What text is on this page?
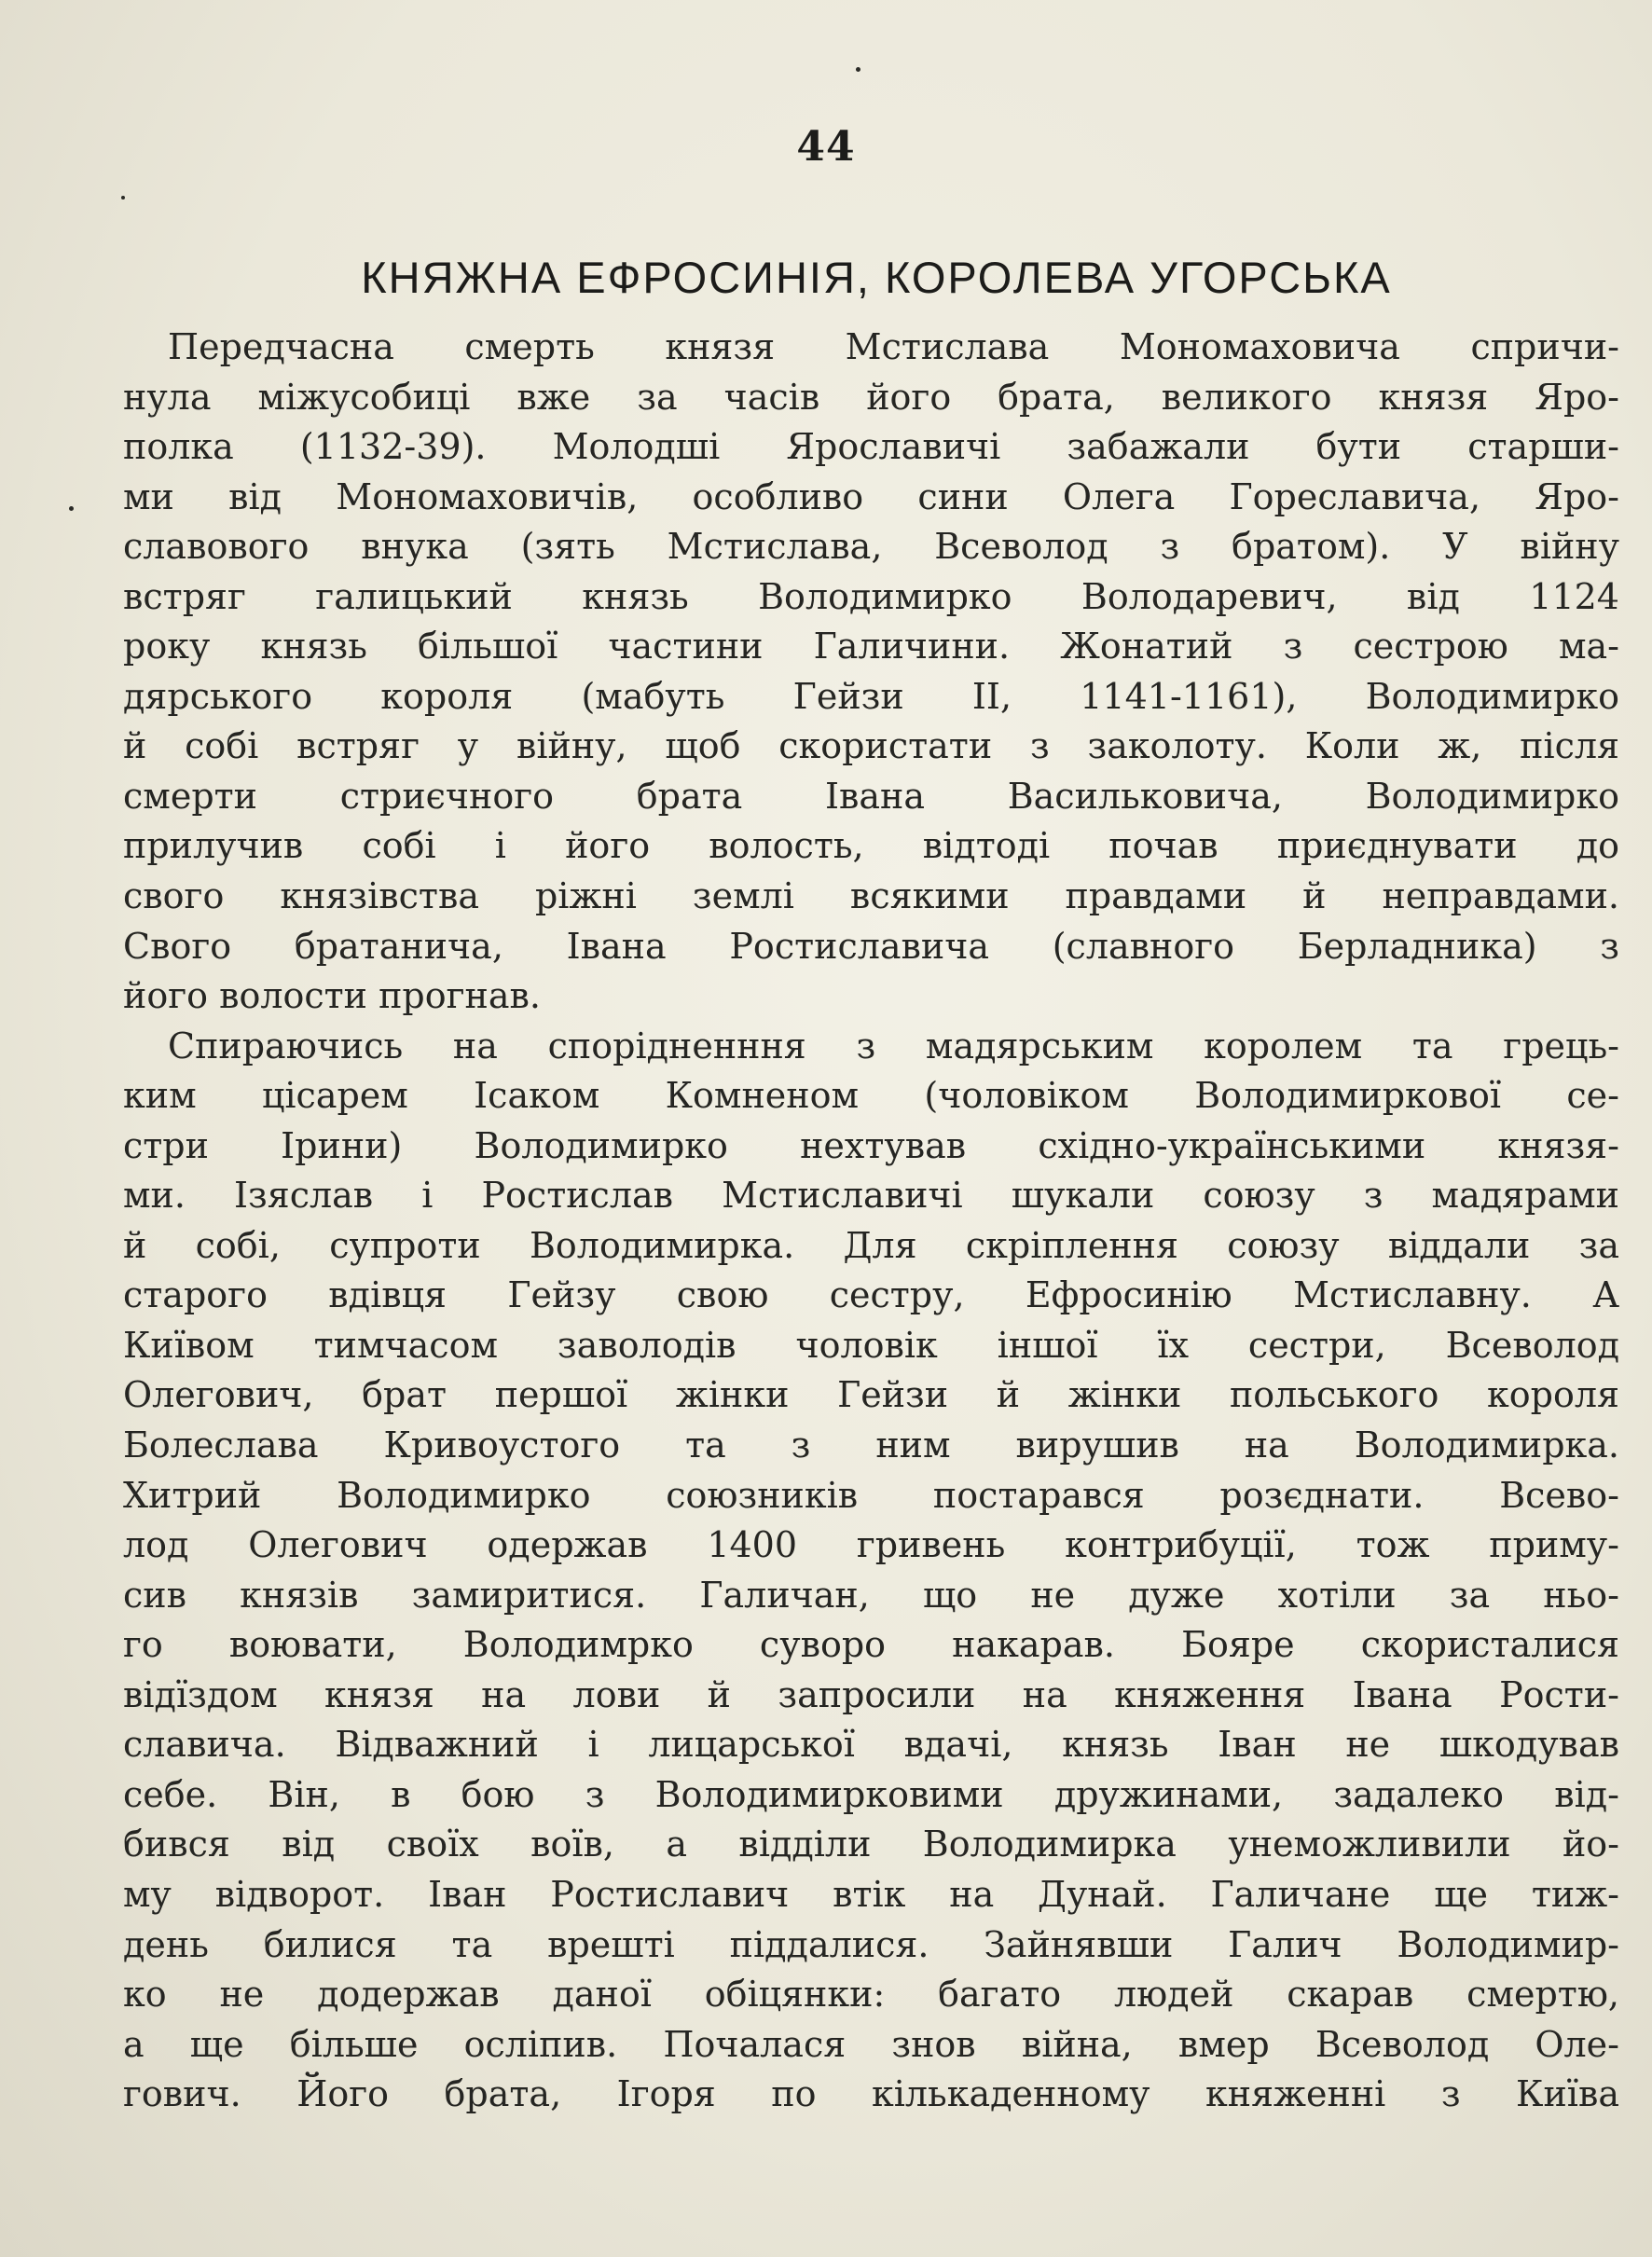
44
КНЯЖНА ЕФРОСИНІЯ, КОРОЛЕВА УГОРСЬКА
Передчасна смерть князя Мстислава Мономаховича спричи-
нула міжусобиці вже за часів його брата, великого князя Яро-
полка (1132-39). Молодші Ярославичі забажали бути старши-
ми від Мономаховичів, особливо сини Олега Гореславича, Яро-
славового внука (зять Мстислава, Всеволод з братом). У війну
встряг галицький князь Володимирко Володаревич, від 1124
року князь більшої частини Галичини. Жонатий з сестрою ма-
дярського короля (мабуть Гейзи ІІ, 1141-1161), Володимирко
й собі встряг у війну, щоб скористати з заколоту. Коли ж, після
смерти стриєчного брата Івана Васильковича, Володимирко
прилучив собі і його волость, відтоді почав приєднувати до
свого князівства ріжні землі всякими правдами й неправдами.
Свого братанича, Івана Ростиславича (славного Берладника) з
його волости прогнав.
Спираючись на спорідненння з мадярським королем та грець-
ким цісарем Ісаком Комненом (чоловіком Володимиркової се-
стри Ірини) Володимирко нехтував східно-українськими князя-
ми. Ізяслав і Ростислав Мстиславичі шукали союзу з мадярами
й собі, супроти Володимирка. Для скріплення союзу віддали за
старого вдівця Гейзу свою сестру, Ефросинію Мстиславну. А
Київом тимчасом заволодів чоловік іншої їх сестри, Всеволод
Олегович, брат першої жінки Гейзи й жінки польського короля
Болеслава Кривоустого та з ним вирушив на Володимирка.
Хитрий Володимирко союзників постарався розєднати. Всево-
лод Олегович одержав 1400 гривень контрибуції, тож приму-
сив князів замиритися. Галичан, що не дуже хотіли за ньо-
го воювати, Володимрко суворо накарав. Бояре скористалися
відїздом князя на лови й запросили на княження Івана Рости-
славича. Відважний і лицарської вдачі, князь Іван не шкодував
себе. Він, в бою з Володимирковими дружинами, задалеко від-
бився від своїх воїв, а відділи Володимирка унеможливили йо-
му відворот. Іван Ростиславич втік на Дунай. Галичане ще тиж-
день билися та врешті піддалися. Зайнявши Галич Володимир-
ко не додержав даної обіцянки: багато людей скарав смертю,
а ще більше осліпив. Почалася знов війна, вмер Всеволод Оле-
гович. Його брата, Ігоря по кількаденному княженні з Київа
